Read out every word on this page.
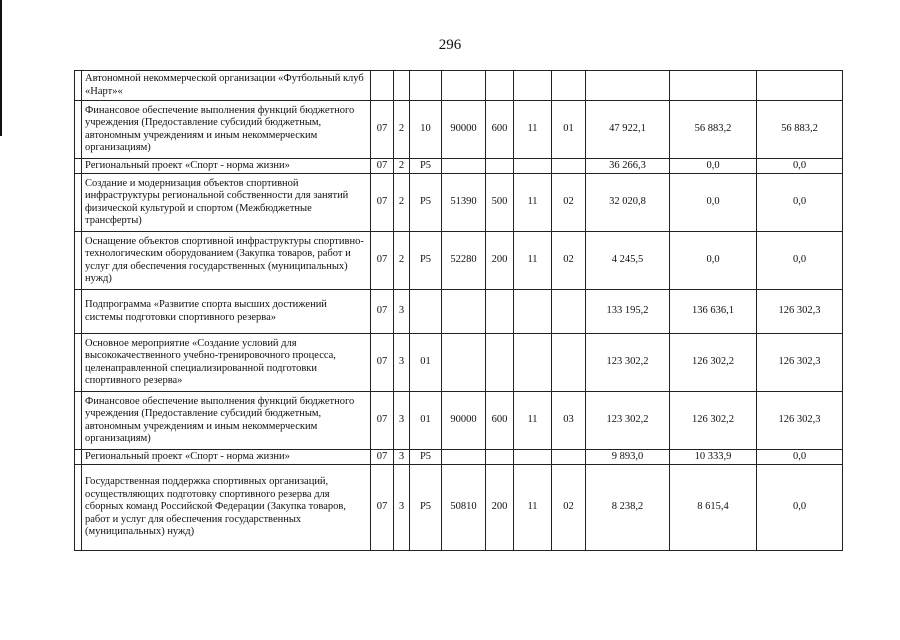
296
	Автономной некоммерческой организации «Футбольный клуб «Нарт»«										
	Финансовое обеспечение выполнения функций бюджетного учреждения (Предоставление субсидий бюджетным, автономным учреждениям и иным некоммерческим организациям)	07	2	10	90000	600	11	01	47 922,1	56 883,2	56 883,2
	Региональный проект «Спорт - норма жизни»	07	2	P5					36 266,3	0,0	0,0
	Создание и модернизация объектов спортивной инфраструктуры региональной собственности для занятий физической культурой и спортом (Межбюджетные трансферты)	07	2	P5	51390	500	11	02	32 020,8	0,0	0,0
	Оснащение объектов спортивной инфраструктуры спортивно-технологическим оборудованием (Закупка товаров, работ и услуг для обеспечения государственных (муниципальных) нужд)	07	2	P5	52280	200	11	02	4 245,5	0,0	0,0
	Подпрограмма «Развитие спорта высших достижений системы подготовки спортивного резерва»	07	3						133 195,2	136 636,1	126 302,3
	Основное мероприятие «Создание условий для высококачественного учебно-тренировочного процесса, целенаправленной специализированной подготовки спортивного резерва»	07	3	01					123 302,2	126 302,2	126 302,3
	Финансовое обеспечение выполнения функций бюджетного учреждения (Предоставление субсидий бюджетным, автономным учреждениям и иным некоммерческим организациям)	07	3	01	90000	600	11	03	123 302,2	126 302,2	126 302,3
	Региональный проект «Спорт - норма жизни»	07	3	P5					9 893,0	10 333,9	0,0
	Государственная поддержка спортивных организаций, осуществляющих подготовку спортивного резерва для сборных команд Российской Федерации (Закупка товаров, работ и услуг для обеспечения государственных (муниципальных) нужд)	07	3	P5	50810	200	11	02	8 238,2	8 615,4	0,0
